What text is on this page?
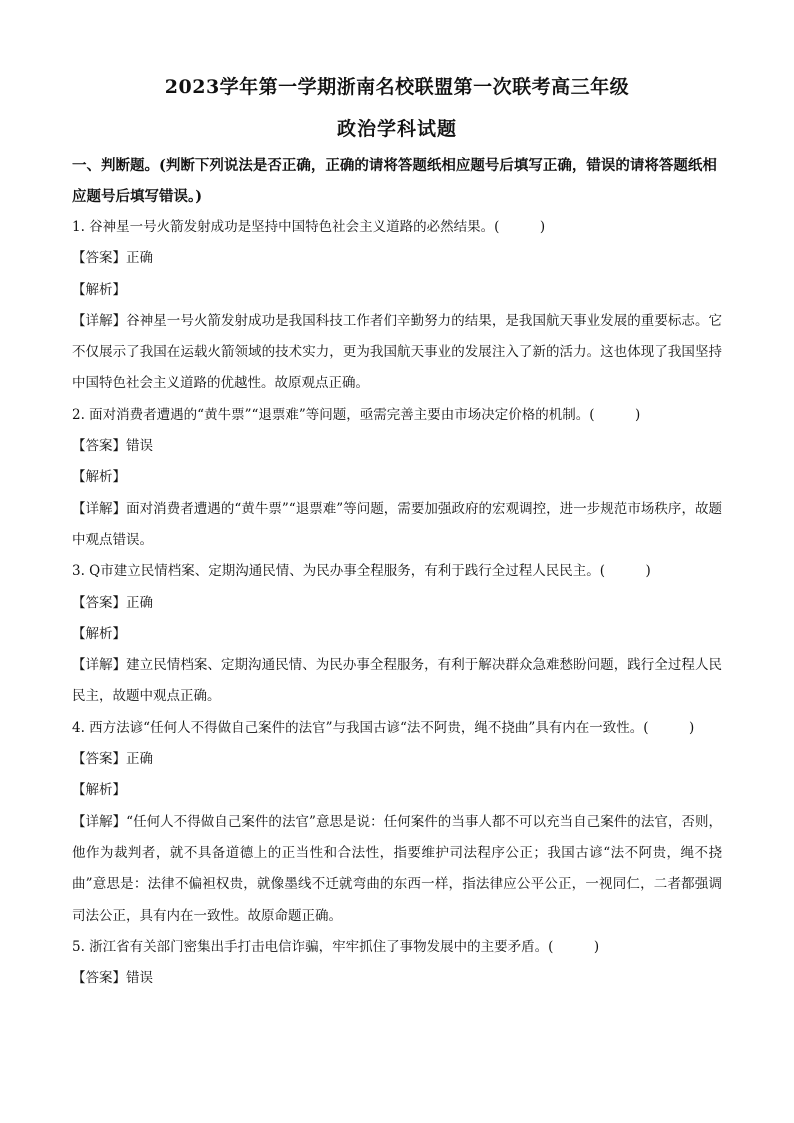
2023学年第一学期浙南名校联盟第一次联考高三年级
政治学科试题
一、判断题。(判断下列说法是否正确，正确的请将答题纸相应题号后填写正确，错误的请将答题纸相应题号后填写错误。)

1. 谷神星一号火箭发射成功是坚持中国特色社会主义道路的必然结果。(　　　)

【答案】正确

【解析】

【详解】谷神星一号火箭发射成功是我国科技工作者们辛勤努力的结果，是我国航天事业发展的重要标志。它不仅展示了我国在运载火箭领域的技术实力，更为我国航天事业的发展注入了新的活力。这也体现了我国坚持中国特色社会主义道路的优越性。故原观点正确。

2. 面对消费者遭遇的“黄牛票”“退票难”等问题，亟需完善主要由市场决定价格的机制。(　　　)

【答案】错误

【解析】

【详解】面对消费者遭遇的“黄牛票”“退票难”等问题，需要加强政府的宏观调控，进一步规范市场秩序，故题中观点错误。

3. Q市建立民情档案、定期沟通民情、为民办事全程服务，有利于践行全过程人民民主。(　　　)

【答案】正确

【解析】

【详解】建立民情档案、定期沟通民情、为民办事全程服务，有利于解决群众急难愁盼问题，践行全过程人民民主，故题中观点正确。

4. 西方法谚“任何人不得做自己案件的法官”与我国古谚“法不阿贵，绳不挠曲”具有内在一致性。(　　　)

【答案】正确

【解析】

【详解】“任何人不得做自己案件的法官”意思是说：任何案件的当事人都不可以充当自己案件的法官，否则，他作为裁判者，就不具备道德上的正当性和合法性，指要维护司法程序公正；我国古谚“法不阿贵，绳不挠曲”意思是：法律不偏袒权贵，就像墨线不迁就弯曲的东西一样，指法律应公平公正，一视同仁，二者都强调司法公正，具有内在一致性。故原命题正确。

5. 浙江省有关部门密集出手打击电信诈骗，牢牢抓住了事物发展中的主要矛盾。(　　　)

【答案】错误
